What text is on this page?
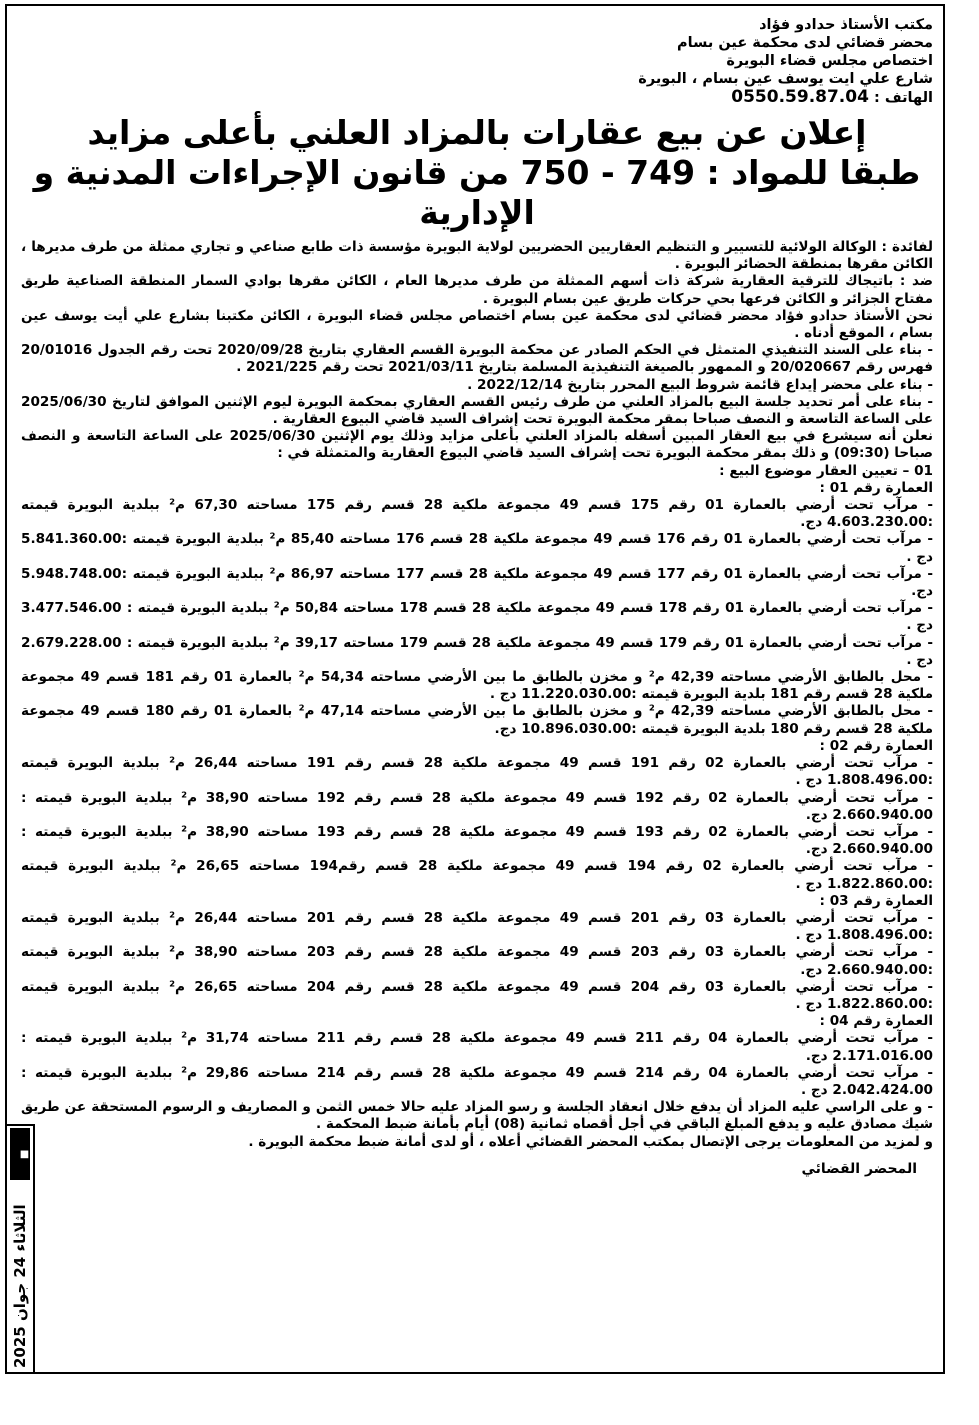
مكتب الأستاذ حدادو فؤاد
محضر قضائي لدى محكمة عين بسام
اختصاص مجلس قضاء البويرة
شارع علي ايت يوسف عين بسام ، البويرة
الهاتف : 0550.59.87.04
إعلان عن بيع عقارات بالمزاد العلني بأعلى مزايد
طبقا للمواد : 749 - 750 من قانون الإجراءات المدنية و الإدارية

لفائدة : الوكالة الولائية للتسيير و التنظيم العقاريين الحضريين لولاية البويرة مؤسسة ذات طابع صناعي و تجاري ممثلة من طرف مديرها ، الكائن مقرها بمنطقة الحضائر البويرة .

ضد : باتيجاك للترقية العقارية شركة ذات أسهم الممثلة من طرف مديرها العام ، الكائن مقرها بوادي السمار المنطقة الصناعية طريق مفتاح الجزائر و الكائن فرعها بحي حركات طريق عين بسام البويرة .

نحن الأستاذ حدادو فؤاد محضر قضائي لدى محكمة عين بسام اختصاص مجلس قضاء البويرة ، الكائن مكتبنا بشارع علي أيت يوسف عين بسام ، الموقع أدناه .

- بناء على السند التنفيذي المتمثل في الحكم الصادر عن محكمة البويرة القسم العقاري بتاريخ 2020/09/28 تحت رقم الجدول 20/01016 فهرس رقم 20/020667 و الممهور بالصيغة التنفيذية المسلمة بتاريخ 2021/03/11 تحت رقم 2021/225 .

- بناء على محضر إيداع قائمة شروط البيع المحرر بتاريخ 2022/12/14 .

- بناء على أمر تحديد جلسة البيع بالمزاد العلني من طرف رئيس القسم العقاري بمحكمة البويرة ليوم الإثنين الموافق لتاريخ 2025/06/30 على الساعة التاسعة و النصف صباحا بمقر محكمة البويرة تحت إشراف السيد قاضي البيوع العقارية .

نعلن أنه سيشرع في بيع العقار المبين أسفله بالمزاد العلني بأعلى مزايد وذلك يوم الإثنين 2025/06/30 على الساعة التاسعة و النصف صباحا (09:30) و ذلك بمقر محكمة البويرة تحت إشراف السيد قاضي البيوع العقارية والمتمثلة في :

01 – تعيين العقار موضوع البيع :

العمارة رقم 01 :

- مرآب تحت أرضي بالعمارة 01 رقم 175 قسم 49 مجموعة ملكية 28 قسم رقم 175 مساحته 67,30 م² ببلدية البويرة قيمته :4.603.230.00 دج.

- مرآب تحت أرضي بالعمارة 01 رقم 176 قسم 49 مجموعة ملكية 28 قسم 176 مساحته 85,40 م² ببلدية البويرة قيمته :5.841.360.00 دج .

- مرآب تحت أرضي بالعمارة 01 رقم 177 قسم 49 مجموعة ملكية 28 قسم 177 مساحته 86,97 م² ببلدية البويرة قيمته :5.948.748.00 دج.

- مرآب تحت أرضي بالعمارة 01 رقم 178 قسم 49 مجموعة ملكية 28 قسم 178 مساحته 50,84 م² ببلدية البويرة قيمته : 3.477.546.00 دج .

- مرآب تحت أرضي بالعمارة 01 رقم 179 قسم 49 مجموعة ملكية 28 قسم 179 مساحته 39,17 م² ببلدية البويرة قيمته : 2.679.228.00 دج .

- محل بالطابق الأرضي مساحته 42,39 م² و مخزن بالطابق ما بين الأرضي مساحته 54,34 م² بالعمارة 01 رقم 181 قسم 49 مجموعة ملكية 28 قسم رقم 181 بلدية البويرة قيمته :11.220.030.00 دج .

- محل بالطابق الأرضي مساحته 42,39 م² و مخزن بالطابق ما بين الأرضي مساحته 47,14 م² بالعمارة 01 رقم 180 قسم 49 مجموعة ملكية 28 قسم رقم 180 بلدية البويرة قيمته :10.896.030.00 دج.

العمارة رقم 02 :

- مرآب تحت أرضي بالعمارة 02 رقم 191 قسم 49 مجموعة ملكية 28 قسم رقم 191 مساحته 26,44 م² ببلدية البويرة قيمته :1.808.496.00 دج .

- مرآب تحت أرضي بالعمارة 02 رقم 192 قسم 49 مجموعة ملكية 28 قسم رقم 192 مساحته 38,90 م² ببلدية البويرة قيمته : 2.660.940.00 دج.

- مرآب تحت أرضي بالعمارة 02 رقم 193 قسم 49 مجموعة ملكية 28 قسم رقم 193 مساحته 38,90 م² ببلدية البويرة قيمته : 2.660.940.00 دج.

- مرآب تحت أرضي بالعمارة 02 رقم 194 قسم 49 مجموعة ملكية 28 قسم رقم194 مساحته 26,65 م² ببلدية البويرة قيمته :1.822.860.00 دج .

العمارة رقم 03 :

- مرآب تحت أرضي بالعمارة 03 رقم 201 قسم 49 مجموعة ملكية 28 قسم رقم 201 مساحته 26,44 م² ببلدية البويرة قيمته :1.808.496.00 دج .

- مرآب تحت أرضي بالعمارة 03 رقم 203 قسم 49 مجموعة ملكية 28 قسم رقم 203 مساحته 38,90 م² ببلدية البويرة قيمته :2.660.940.00 دج.

- مرآب تحت أرضي بالعمارة 03 رقم 204 قسم 49 مجموعة ملكية 28 قسم رقم 204 مساحته 26,65 م² ببلدية البويرة قيمته :1.822.860.00 دج .

العمارة رقم 04 :

- مرآب تحت أرضي بالعمارة 04 رقم 211 قسم 49 مجموعة ملكية 28 قسم رقم 211 مساحته 31,74 م² ببلدية البويرة قيمته : 2.171.016.00 دج.

- مرآب تحت أرضي بالعمارة 04 رقم 214 قسم 49 مجموعة ملكية 28 قسم رقم 214 مساحته 29,86 م² ببلدية البويرة قيمته : 2.042.424.00 دج .

- و على الراسي عليه المزاد أن يدفع خلال انعقاد الجلسة و رسو المزاد عليه حالا خمس الثمن و المصاريف و الرسوم المستحقة عن طريق شيك مصادق عليه و يدفع المبلغ الباقي في أجل أقصاه ثمانية (08) أيام بأمانة ضبط المحكمة .

و لمزيد من المعلومات يرجى الإتصال بمكتب المحضر القضائي أعلاه ، أو لدى أمانة ضبط محكمة البويرة .

المحضر القضائي
■
الثلاثاء 24 جوان 2025
